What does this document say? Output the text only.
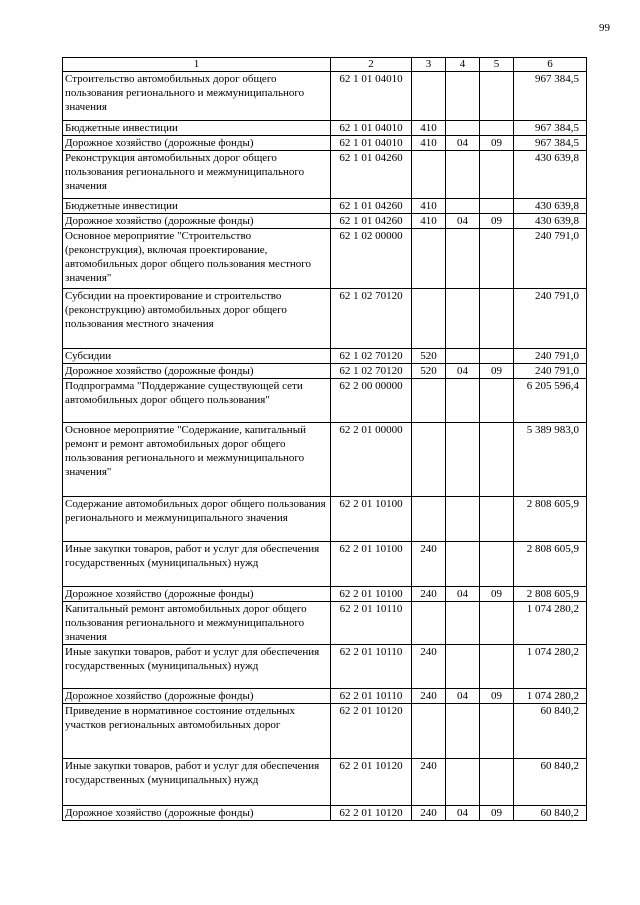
99
1	2	3	4	5	6
Строительство автомобильных дорог общего пользования регионального и межмуниципального значения	62 1 01 04010				967 384,5
Бюджетные инвестиции	62 1 01 04010	410			967 384,5
Дорожное хозяйство (дорожные фонды)	62 1 01 04010	410	04	09	967 384,5
Реконструкция автомобильных дорог общего пользования регионального и межмуниципального значения	62 1 01 04260				430 639,8
Бюджетные инвестиции	62 1 01 04260	410			430 639,8
Дорожное хозяйство (дорожные фонды)	62 1 01 04260	410	04	09	430 639,8
Основное мероприятие "Строительство (реконструкция), включая проектирование, автомобильных дорог общего пользования местного значения"	62 1 02 00000				240 791,0
Субсидии на проектирование и строительство (реконструкцию) автомобильных дорог общего пользования местного значения	62 1 02 70120				240 791,0
Субсидии	62 1 02 70120	520			240 791,0
Дорожное хозяйство (дорожные фонды)	62 1 02 70120	520	04	09	240 791,0
Подпрограмма "Поддержание существующей сети автомобильных дорог общего пользования"	62 2 00 00000				6 205 596,4
Основное мероприятие "Содержание, капитальный ремонт и ремонт автомобильных дорог общего пользования регионального и межмуниципального значения"	62 2 01 00000				5 389 983,0
Содержание автомобильных дорог общего пользования регионального и межмуниципального значения	62 2 01 10100				2 808 605,9
Иные закупки товаров, работ и услуг для обеспечения государственных (муниципальных) нужд	62 2 01 10100	240			2 808 605,9
Дорожное хозяйство (дорожные фонды)	62 2 01 10100	240	04	09	2 808 605,9
Капитальный ремонт автомобильных дорог общего пользования регионального и межмуниципального значения	62 2 01 10110				1 074 280,2
Иные закупки товаров, работ и услуг для обеспечения государственных (муниципальных) нужд	62 2 01 10110	240			1 074 280,2
Дорожное хозяйство (дорожные фонды)	62 2 01 10110	240	04	09	1 074 280,2
Приведение в нормативное состояние отдельных участков региональных автомобильных дорог	62 2 01 10120				60 840,2
Иные закупки товаров, работ и услуг для обеспечения государственных (муниципальных) нужд	62 2 01 10120	240			60 840,2
Дорожное хозяйство (дорожные фонды)	62 2 01 10120	240	04	09	60 840,2
